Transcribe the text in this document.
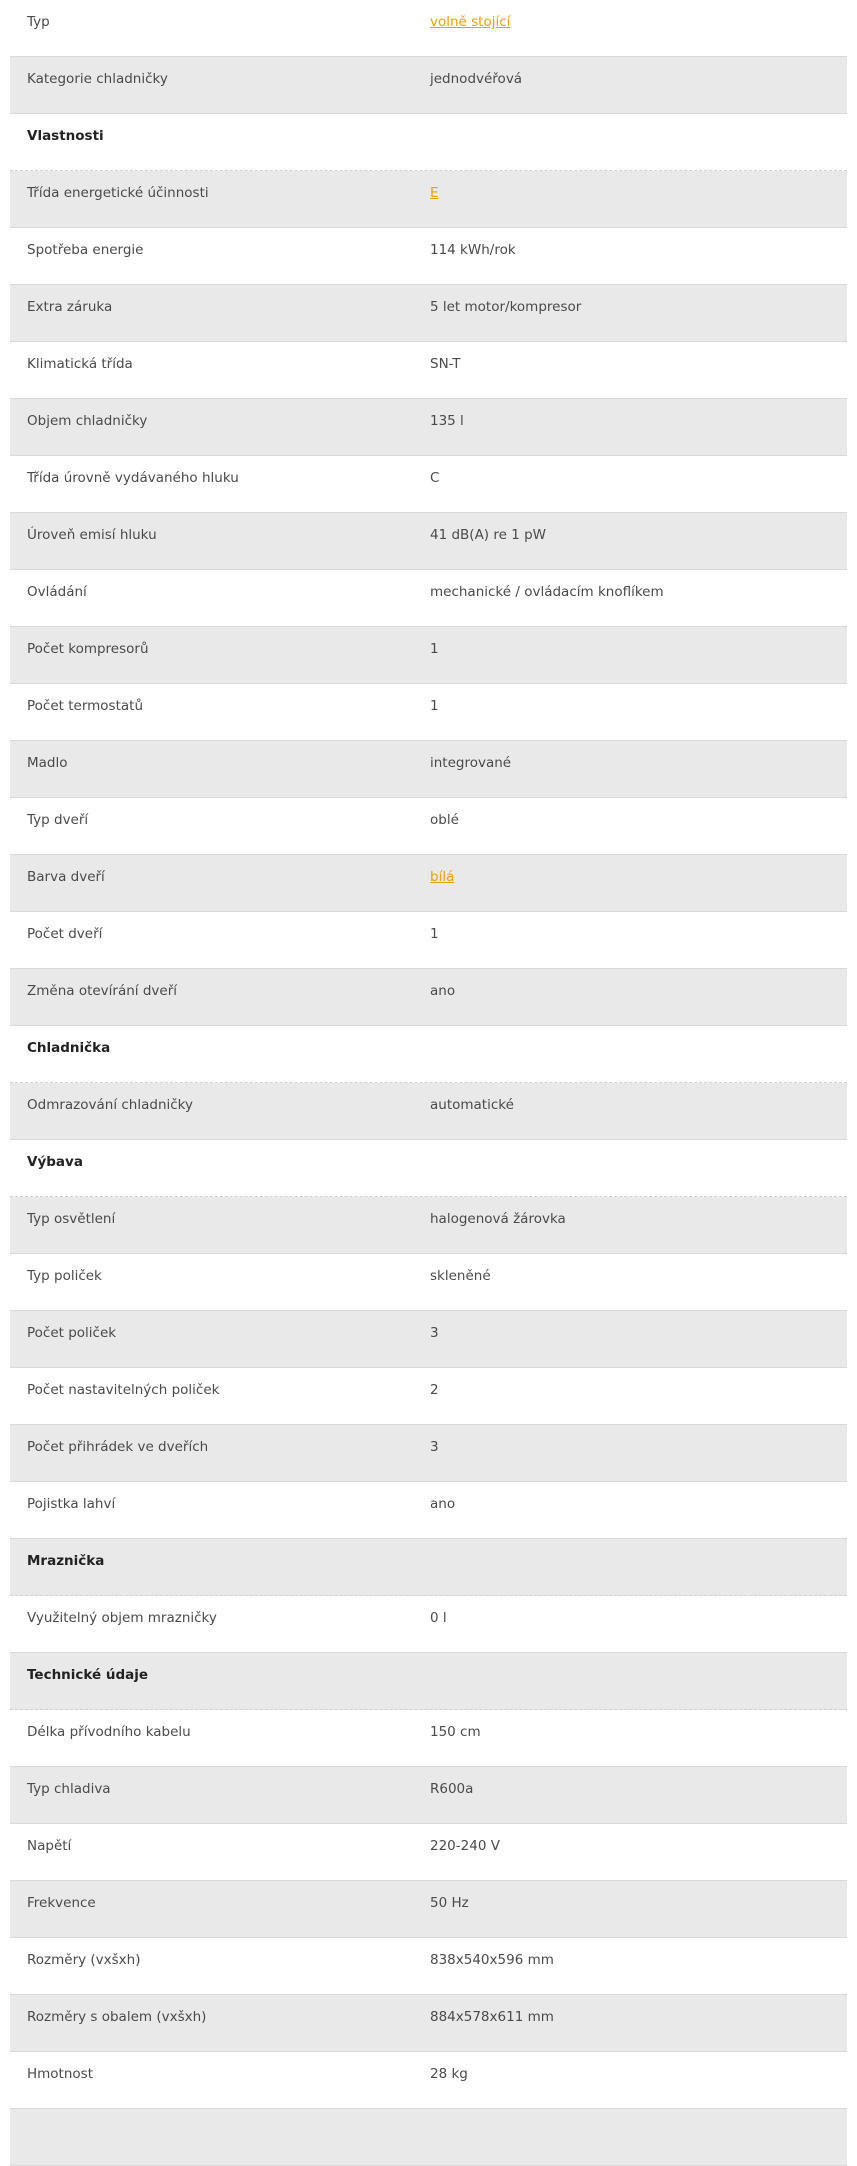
Typ	volně stojící
Kategorie chladničky	jednodvéřová
Vlastnosti
Třída energetické účinnosti	E
Spotřeba energie	114 kWh/rok
Extra záruka	5 let motor/kompresor
Klimatická třída	SN-T
Objem chladničky	135 l
Třída úrovně vydávaného hluku	C
Úroveň emisí hluku	41 dB(A) re 1 pW
Ovládání	mechanické / ovládacím knoflíkem
Počet kompresorů	1
Počet termostatů	1
Madlo	integrované
Typ dveří	oblé
Barva dveří	bílá
Počet dveří	1
Změna otevírání dveří	ano
Chladnička
Odmrazování chladničky	automatické
Výbava
Typ osvětlení	halogenová žárovka
Typ poliček	skleněné
Počet poliček	3
Počet nastavitelných poliček	2
Počet přihrádek ve dveřích	3
Pojistka lahví	ano
Mraznička
Využitelný objem mrazničky	0 l
Technické údaje
Délka přívodního kabelu	150 cm
Typ chladiva	R600a
Napětí	220-240 V
Frekvence	50 Hz
Rozměry (vxšxh)	838x540x596 mm
Rozměry s obalem (vxšxh)	884x578x611 mm
Hmotnost	28 kg
